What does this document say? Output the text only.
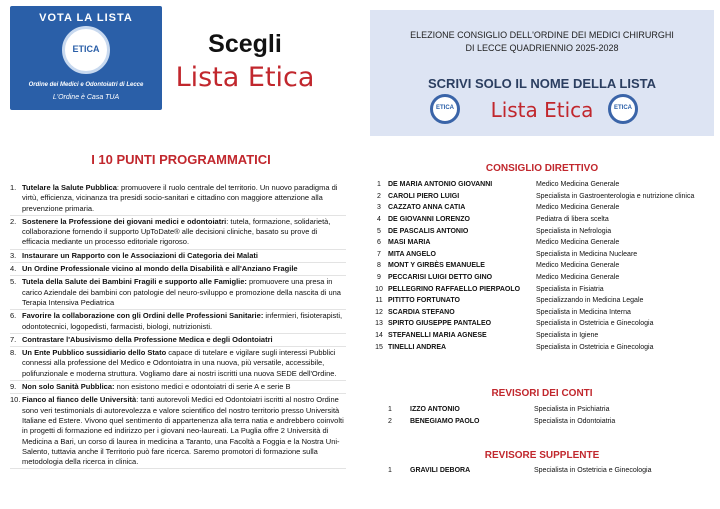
VOTA LA LISTA
ETICA
Ordine dei Medici e Odontoiatri di Lecce
L'Ordine è Casa TUA
Scegli
Lista Etica
ELEZIONE CONSIGLIO DELL'ORDINE DEI MEDICI CHIRURGHI
DI LECCE QUADRIENNIO 2025-2028
SCRIVI SOLO IL NOME DELLA LISTA
ETICA	Lista Etica	ETICA
I 10 PUNTI PROGRAMMATICI
1. Tutelare la Salute Pubblica: promuovere il ruolo centrale del territorio. Un nuovo paradigma di virtù, efficienza, vicinanza tra presidi socio-sanitari e cittadino con maggiore attenzione alla prevenzione primaria.
2. Sostenere la Professione dei giovani medici e odontoiatri: tutela, formazione, solidarietà, collaborazione fornendo il supporto UpToDate® alle decisioni cliniche, basato su prove di efficacia mediante un processo editoriale rigoroso.
3. Instaurare un Rapporto con le Associazioni di Categoria dei Malati
4. Un Ordine Professionale vicino al mondo della Disabilità e all'Anziano Fragile
5. Tutela della Salute dei Bambini Fragili e supporto alle Famiglie: promuovere una presa in carico Aziendale dei bambini con patologie del neuro-sviluppo e promozione della nascita di una Terapia Intensiva Pediatrica
6. Favorire la collaborazione con gli Ordini delle Professioni Sanitarie: infermieri, fisioterapisti, odontotecnici, logopedisti, farmacisti, biologi, nutrizionisti.
7. Contrastare l'Abusivismo della Professione Medica e degli Odontoiatri
8. Un Ente Pubblico sussidiario dello Stato capace di tutelare e vigilare sugli interessi Pubblici connessi alla professione del Medico e Odontoiatra in una nuova, più versatile, accessibile, polifunzionale e moderna struttura. Vogliamo dare ai nostri iscritti una nuova SEDE dell'Ordine.
9. Non solo Sanità Pubblica: non esistono medici e odontoiatri di serie A e serie B
10. Fianco al fianco delle Università: tanti autorevoli Medici ed Odontoiatri iscritti al nostro Ordine sono veri testimonials di autorevolezza e valore scientifico del nostro territorio presso Università Italiane ed Estere. Vivono quel sentimento di appartenenza alla terra natia e andrebbero coinvolti in progetti di formazione ed indirizzo per i giovani neo-laureati. La Puglia offre 2 Università di Medicina a Bari, un corso di laurea in medicina a Taranto, una Facoltà a Foggia e la Nostra Uni-Salento, tuttavia anche il Territorio può fare ricerca. Saremo promotori di formazione sulla metodologia della ricerca in clinica.
CONSIGLIO DIRETTIVO
1	DE MARIA ANTONIO GIOVANNI	Medico Medicina Generale
2	CAROLI PIERO LUIGI	Specialista in Gastroenterologia e nutrizione clinica
3	CAZZATO ANNA CATIA	Medico Medicina Generale
4	DE GIOVANNI LORENZO	Pediatra di libera scelta
5	DE PASCALIS ANTONIO	Specialista in Nefrologia
6	MASI MARIA	Medico Medicina Generale
7	MITA ANGELO	Specialista in Medicina Nucleare
8	MONT Y GIRBÈS EMANUELE	Medico Medicina Generale
9	PECCARISI LUIGI DETTO GINO	Medico Medicina Generale
10	PELLEGRINO RAFFAELLO PIERPAOLO	Specialista in Fisiatria
11	PITITTO FORTUNATO	Specializzando in Medicina Legale
12	SCARDIA STEFANO	Specialista in Medicina Interna
13	SPIRTO GIUSEPPE PANTALEO	Specialista in Ostetricia e Ginecologia
14	STEFANELLI MARIA AGNESE	Specialista in Igiene
15	TINELLI ANDREA	Specialista in Ostetricia e Ginecologia
REVISORI DEI CONTI
1	IZZO ANTONIO	Specialista in Psichiatria
2	BENEGIAMO PAOLO	Specialista in Odontoiatria
REVISORE SUPPLENTE
1	GRAVILI DEBORA	Specialista in Ostetricia e Ginecologia
